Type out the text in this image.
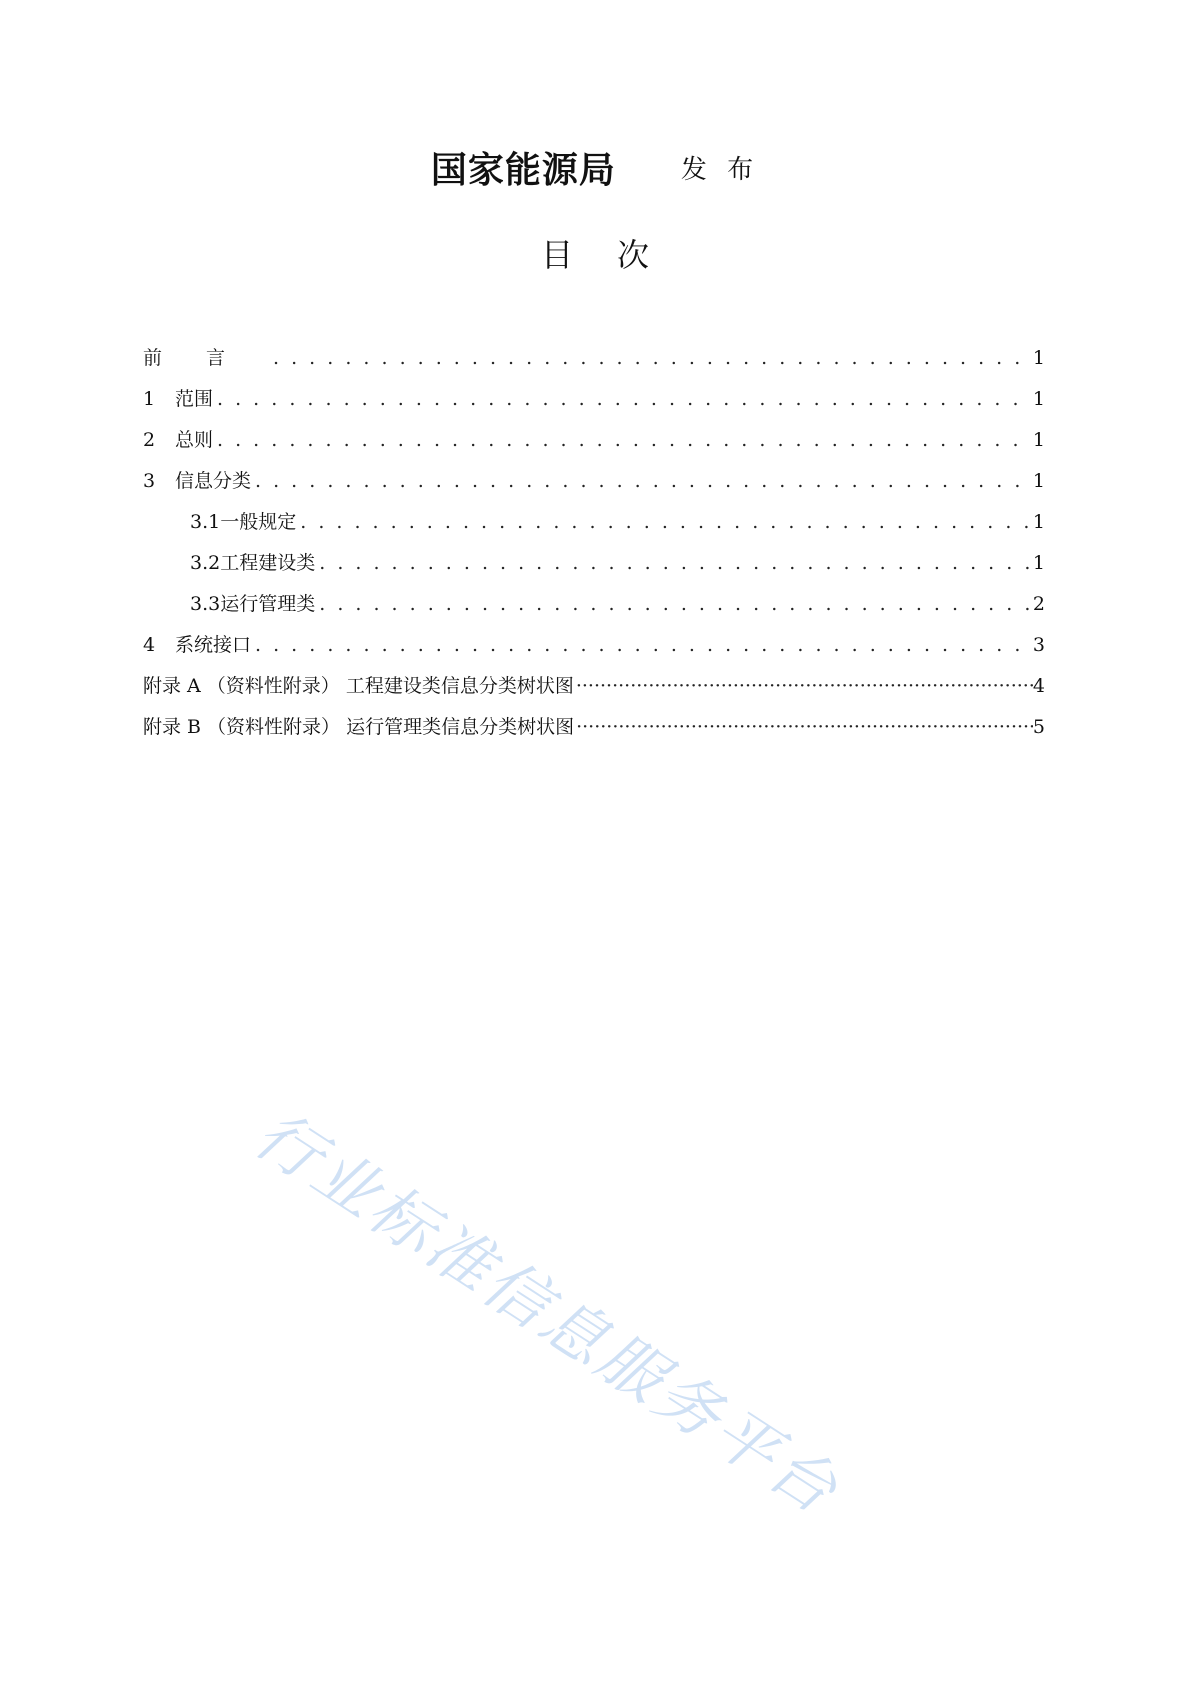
国家能源局	发 布
目次
前言 . . .	1
1	范围 . . .	1
2	总则 . . .	1
3	信息分类 . . .	1
3.1 一般规定 . . .	1
3.2 工程建设类 . . .	1
3.3 运行管理类 . . .	2
4	系统接口 . . .	3
附录 A （资料性附录） 工程建设类信息分类树状图 ·····	4
附录 B （资料性附录） 运行管理类信息分类树状图 ·····	5
行业标准信息服务平台
